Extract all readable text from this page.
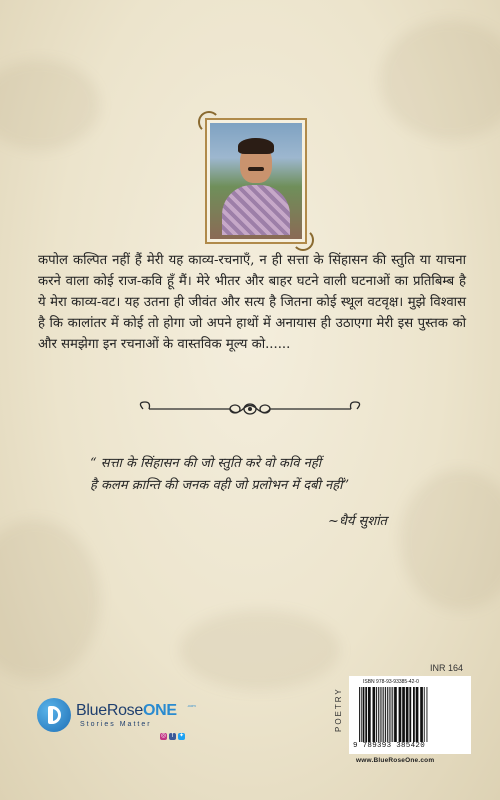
कपोल कल्पित नहीं हैं मेरी यह काव्य-रचनाएँ, न ही सत्ता के सिंहासन की स्तुति या याचना करने वाला कोई राज-कवि हूँ मैं। मेरे भीतर और बाहर घटने वाली घटनाओं का प्रतिबिम्ब है ये मेरा काव्य-वट। यह उतना ही जीवंत और सत्य है जितना कोई स्थूल वटवृक्ष। मुझे विश्वास है कि कालांतर में कोई तो होगा जो अपने हाथों में अनायास ही उठाएगा मेरी इस पुस्तक को और समझेगा इन रचनाओं के वास्तविक मूल्य को......

“ सत्ता के सिंहासन की जो स्तुति करे वो कवि नहीं
है कलम क्रान्ति की जनक वही जो प्रलोभन में दबी नहीं”
~धैर्य सुशांत
INR 164
POETRY
ISBN 978-93-93385-42-0
9 789393 385420
www.BlueRoseOne.com
BlueRoseONE	.com
Stories Matter
◎ f ✦
